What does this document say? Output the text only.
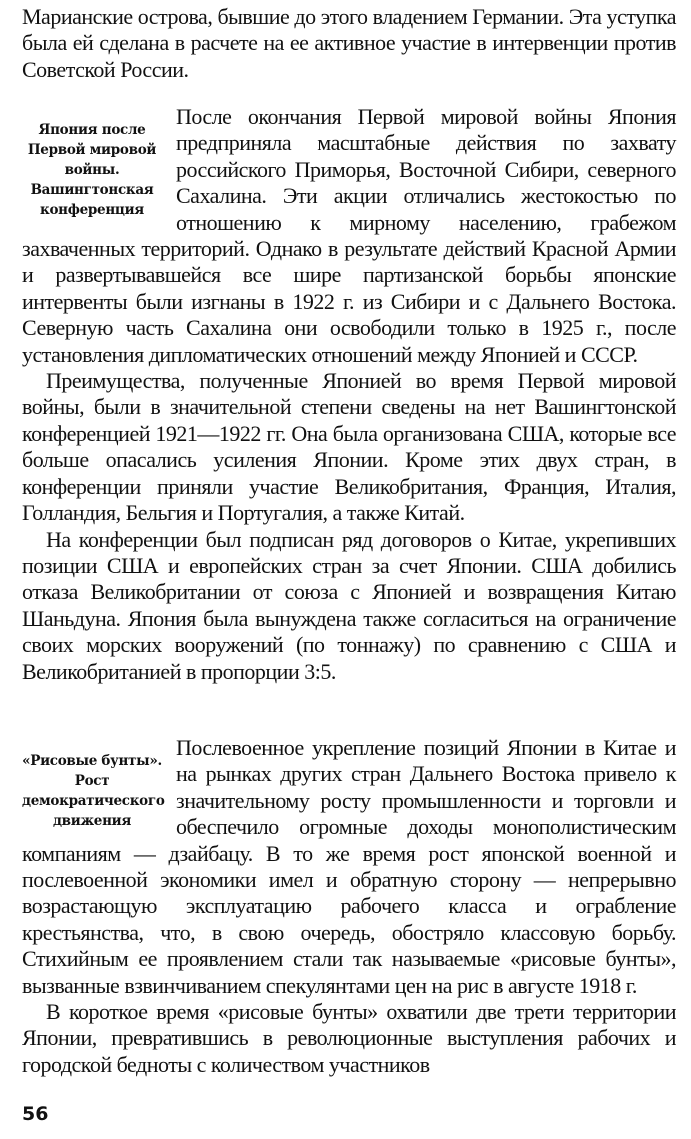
Марианские острова, бывшие до этого владением Германии. Эта уступка была ей сделана в расчете на ее активное участие в интервенции против Советской России.

Япония после Первой мировой войны. Вашингтонская конференция

После окончания Первой мировой войны Япония предприняла масштабные действия по захвату российского Приморья, Восточной Сибири, северного Сахалина. Эти акции отличались жестокостью по отношению к мирному населению, грабежом захваченных территорий. Однако в результате действий Красной Армии и развертывавшейся все шире партизанской борьбы японские интервенты были изгнаны в 1922 г. из Сибири и с Дальнего Востока. Северную часть Сахалина они освободили только в 1925 г., после установления дипломатических отношений между Японией и СССР.

Преимущества, полученные Японией во время Первой мировой войны, были в значительной степени сведены на нет Вашингтонской конференцией 1921—1922 гг. Она была организована США, которые все больше опасались усиления Японии. Кроме этих двух стран, в конференции приняли участие Великобритания, Франция, Италия, Голландия, Бельгия и Португалия, а также Китай.

На конференции был подписан ряд договоров о Китае, укрепивших позиции США и европейских стран за счет Японии. США добились отказа Великобритании от союза с Японией и возвращения Китаю Шаньдуна. Япония была вынуждена также согласиться на ограничение своих морских вооружений (по тоннажу) по сравнению с США и Великобританией в пропорции 3:5.

«Рисовые бунты». Рост демократического движения

Послевоенное укрепление позиций Японии в Китае и на рынках других стран Дальнего Востока привело к значительному росту промышленности и торговли и обеспечило огромные доходы монополистическим компаниям — дзайбацу. В то же время рост японской военной и послевоенной экономики имел и обратную сторону — непрерывно возрастающую эксплуатацию рабочего класса и ограбление крестьянства, что, в свою очередь, обостряло классовую борьбу. Стихийным ее проявлением стали так называемые «рисовые бунты», вызванные взвинчиванием спекулянтами цен на рис в августе 1918 г.

В короткое время «рисовые бунты» охватили две трети территории Японии, превратившись в революционные выступления рабочих и городской бедноты с количеством участников

56
